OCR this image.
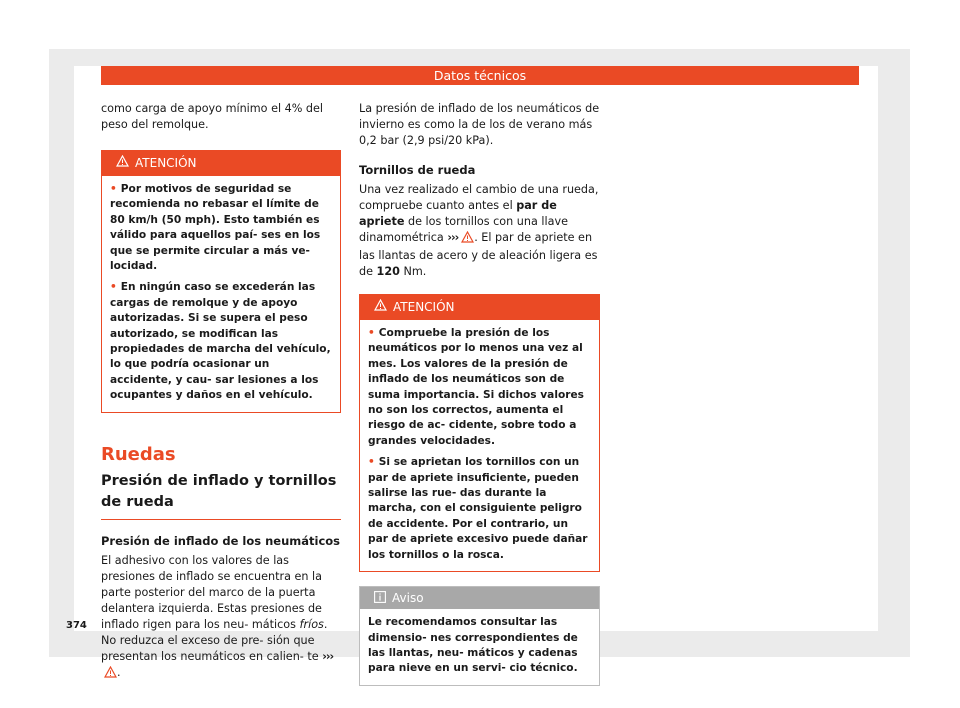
Datos técnicos

como carga de apoyo mínimo el 4% del peso del remolque.

ATENCIÓN
• Por motivos de seguridad se recomienda no rebasar el límite de 80 km/h (50 mph). Esto también es válido para aquellos paí- ses en los que se permite circular a más ve- locidad.
• En ningún caso se excederán las cargas de remolque y de apoyo autorizadas. Si se supera el peso autorizado, se modifican las propiedades de marcha del vehículo, lo que podría ocasionar un accidente, y cau- sar lesiones a los ocupantes y daños en el vehículo.
Ruedas
Presión de inflado y tornillos de rueda

Presión de inflado de los neumáticos

El adhesivo con los valores de las presiones de inflado se encuentra en la parte posterior del marco de la puerta delantera izquierda. Estas presiones de inflado rigen para los neu- máticos fríos. No reduzca el exceso de pre- sión que presentan los neumáticos en calien- te ›››.

La presión de inflado de los neumáticos de invierno es como la de los de verano más 0,2 bar (2,9 psi/20 kPa).

Tornillos de rueda

Una vez realizado el cambio de una rueda, compruebe cuanto antes el par de apriete de los tornillos con una llave dinamométrica ››› . El par de apriete en las llantas de acero y de aleación ligera es de 120 Nm.

ATENCIÓN
• Compruebe la presión de los neumáticos por lo menos una vez al mes. Los valores de la presión de inflado de los neumáticos son de suma importancia. Si dichos valores no son los correctos, aumenta el riesgo de ac- cidente, sobre todo a grandes velocidades.
• Si se aprietan los tornillos con un par de apriete insuficiente, pueden salirse las rue- das durante la marcha, con el consiguiente peligro de accidente. Por el contrario, un par de apriete excesivo puede dañar los tornillos o la rosca.
Aviso
Le recomendamos consultar las dimensio- nes correspondientes de las llantas, neu- máticos y cadenas para nieve en un servi- cio técnico.
374
